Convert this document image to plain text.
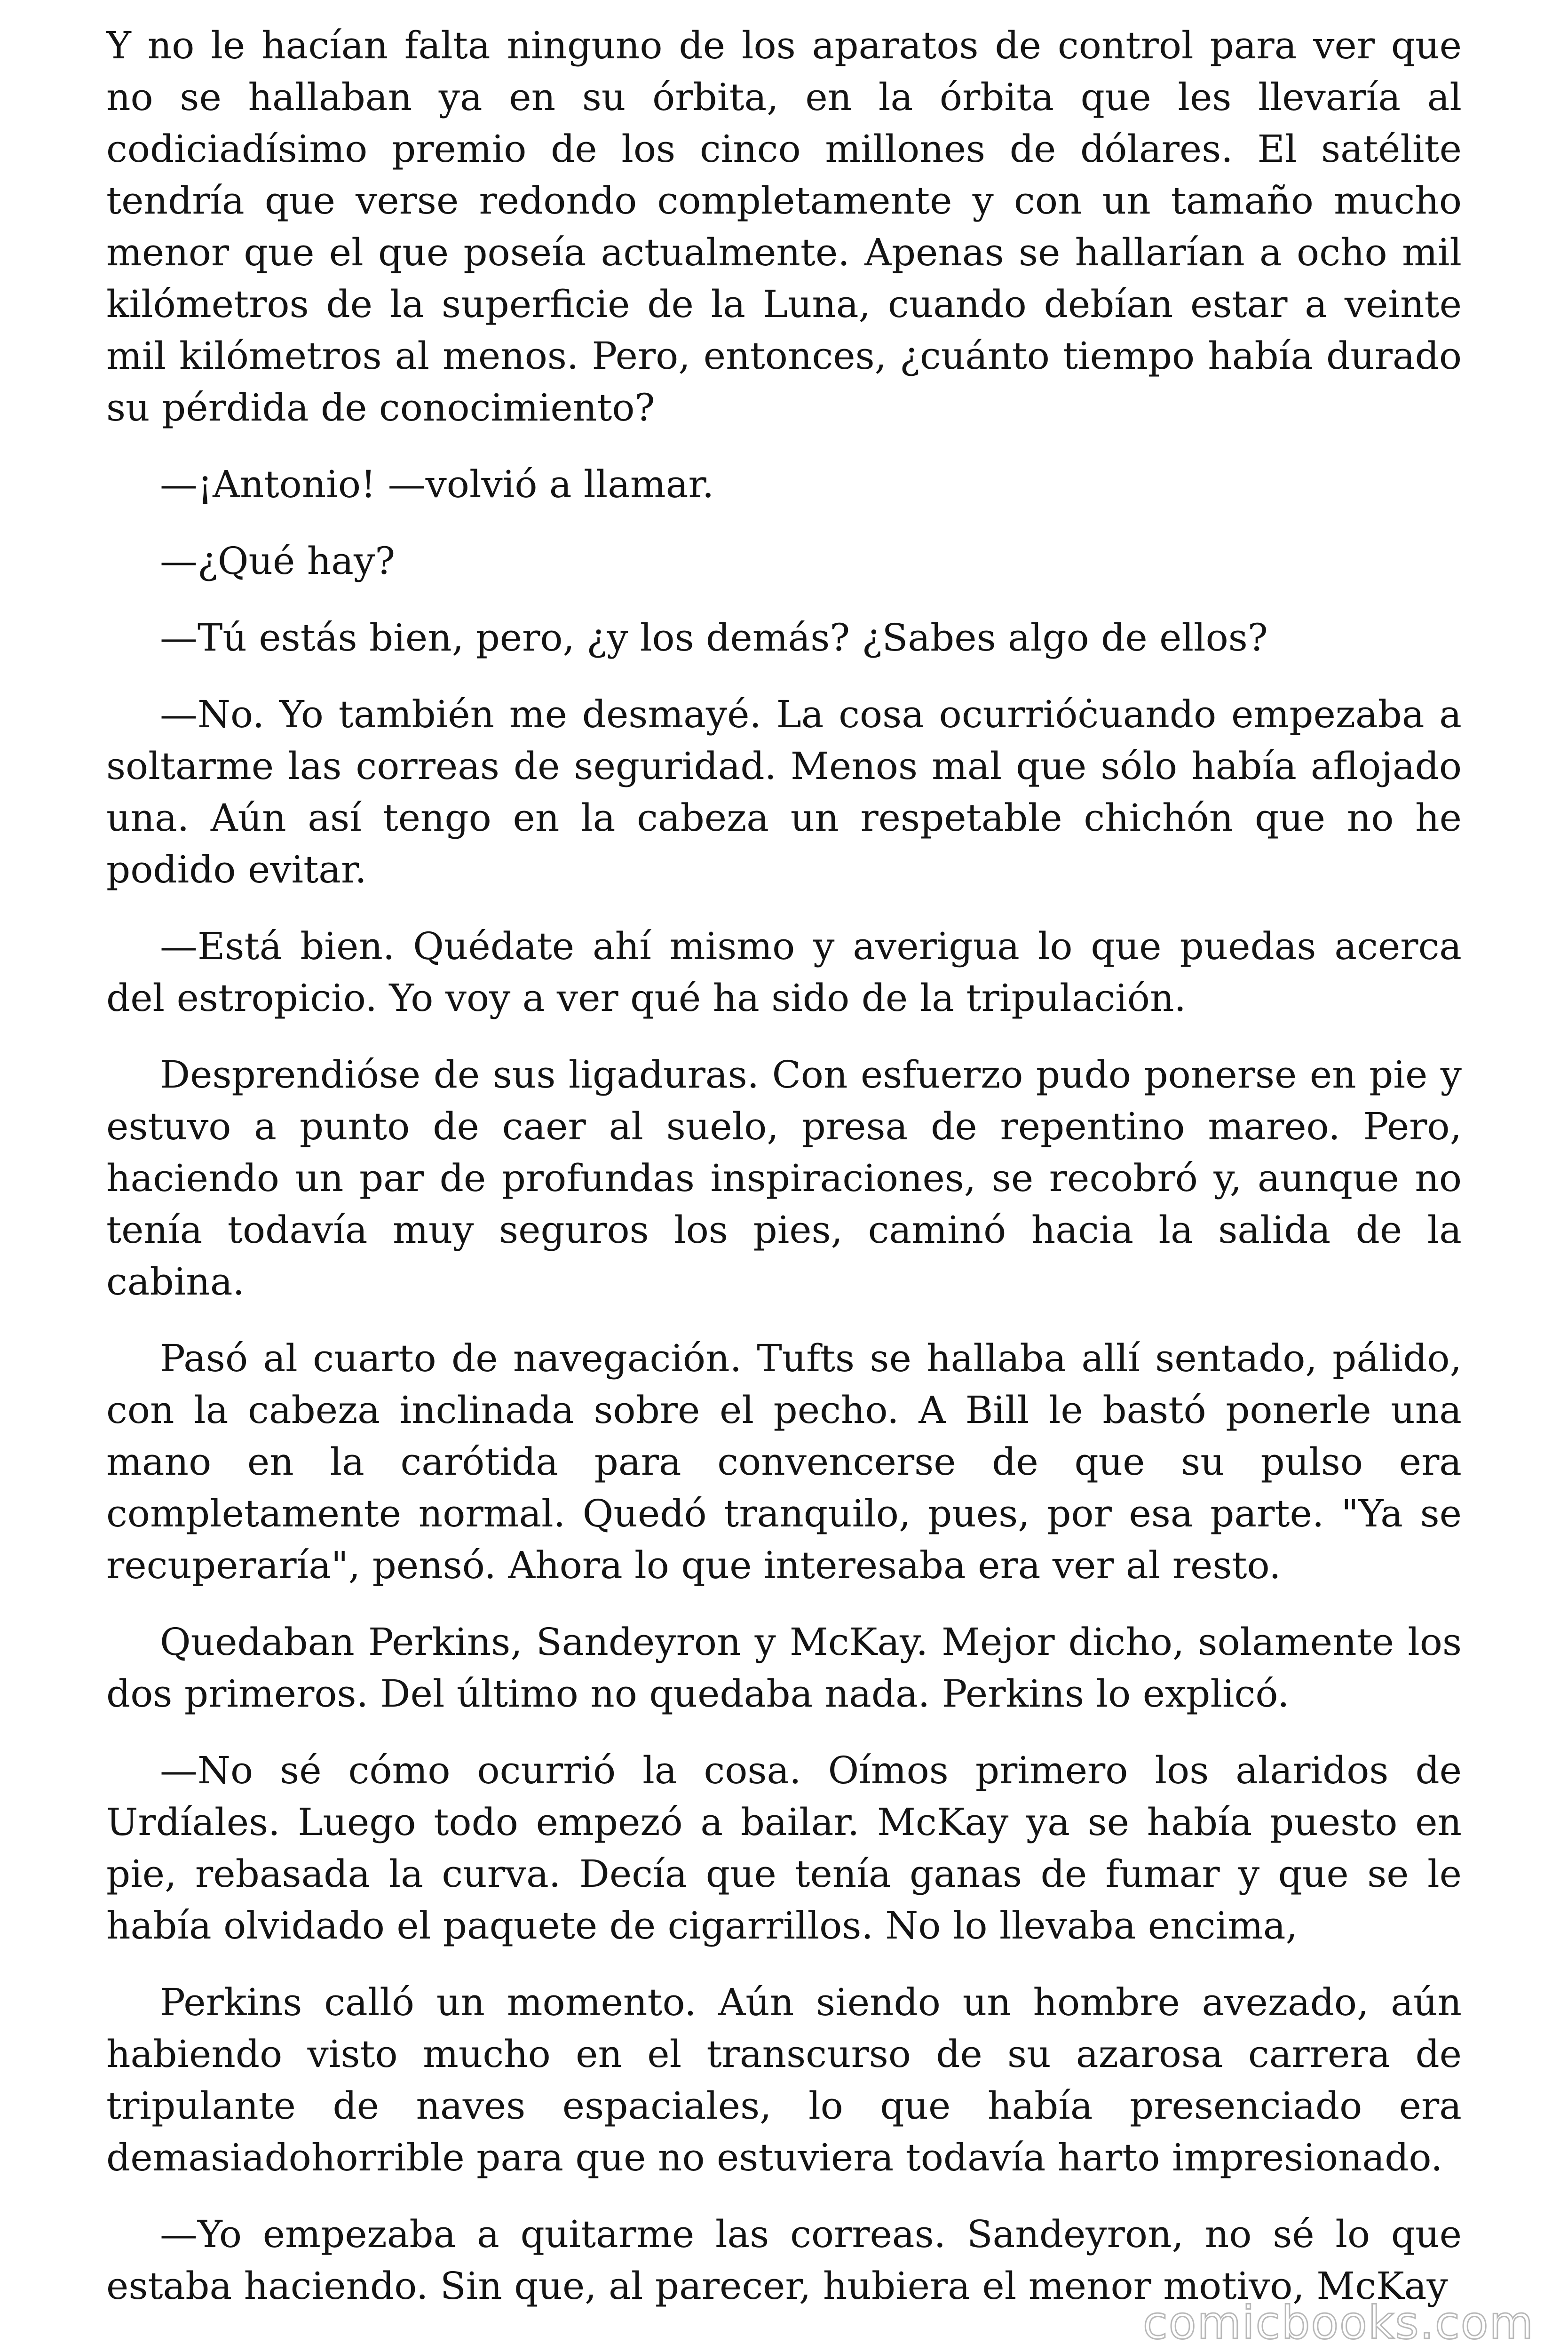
Y no le hacían falta ninguno de los aparatos de control para ver que no se hallaban ya en su órbita, en la órbita que les llevaría al codiciadísimo premio de los cinco millones de dólares. El satélite tendría que verse redondo completamente y con un tamaño mucho menor que el que poseía actualmente. Apenas se hallarían a ocho mil kilómetros de la superficie de la Luna, cuando debían estar a veinte mil kilómetros al menos. Pero, entonces, ¿cuánto tiempo había durado su pérdida de conocimiento?

—¡Antonio! —volvió a llamar.

—¿Qué hay?

—Tú estás bien, pero, ¿y los demás? ¿Sabes algo de ellos?

—No. Yo también me desmayé. La cosa ocurrióċuando empezaba a soltarme las correas de seguridad. Menos mal que sólo había aflojado una. Aún así tengo en la cabeza un respetable chichón que no he podido evitar.

—Está bien. Quédate ahí mismo y averigua lo que puedas acerca del estropicio. Yo voy a ver qué ha sido de la tripulación.

Desprendióse de sus ligaduras. Con esfuerzo pudo ponerse en pie y estuvo a punto de caer al suelo, presa de repentino mareo. Pero, haciendo un par de profundas inspiraciones, se recobró y, aunque no tenía todavía muy seguros los pies, caminó hacia la salida de la cabina.

Pasó al cuarto de navegación. Tufts se hallaba allí sentado, pálido, con la cabeza inclinada sobre el pecho. A Bill le bastó ponerle una mano en la carótida para convencerse de que su pulso era completamente normal. Quedó tranquilo, pues, por esa parte. "Ya se recuperaría", pensó. Ahora lo que interesaba era ver al resto.

Quedaban Perkins, Sandeyron y McKay. Mejor dicho, solamente los dos primeros. Del último no quedaba nada. Perkins lo explicó.

—No sé cómo ocurrió la cosa. Oímos primero los alaridos de Urdíales. Luego todo empezó a bailar. McKay ya se había puesto en pie, rebasada la curva. Decía que tenía ganas de fumar y que se le había olvidado el paquete de cigarrillos. No lo llevaba encima,

Perkins calló un momento. Aún siendo un hombre avezado, aún habiendo visto mucho en el transcurso de su azarosa carrera de tripulante de naves espaciales, lo que había presenciado era demasiadohorrible para que no estuviera todavía harto impresionado.

—Yo empezaba a quitarme las correas. Sandeyron, no sé lo que estaba haciendo. Sin que, al parecer, hubiera el menor motivo, McKay

comicbooks.com
